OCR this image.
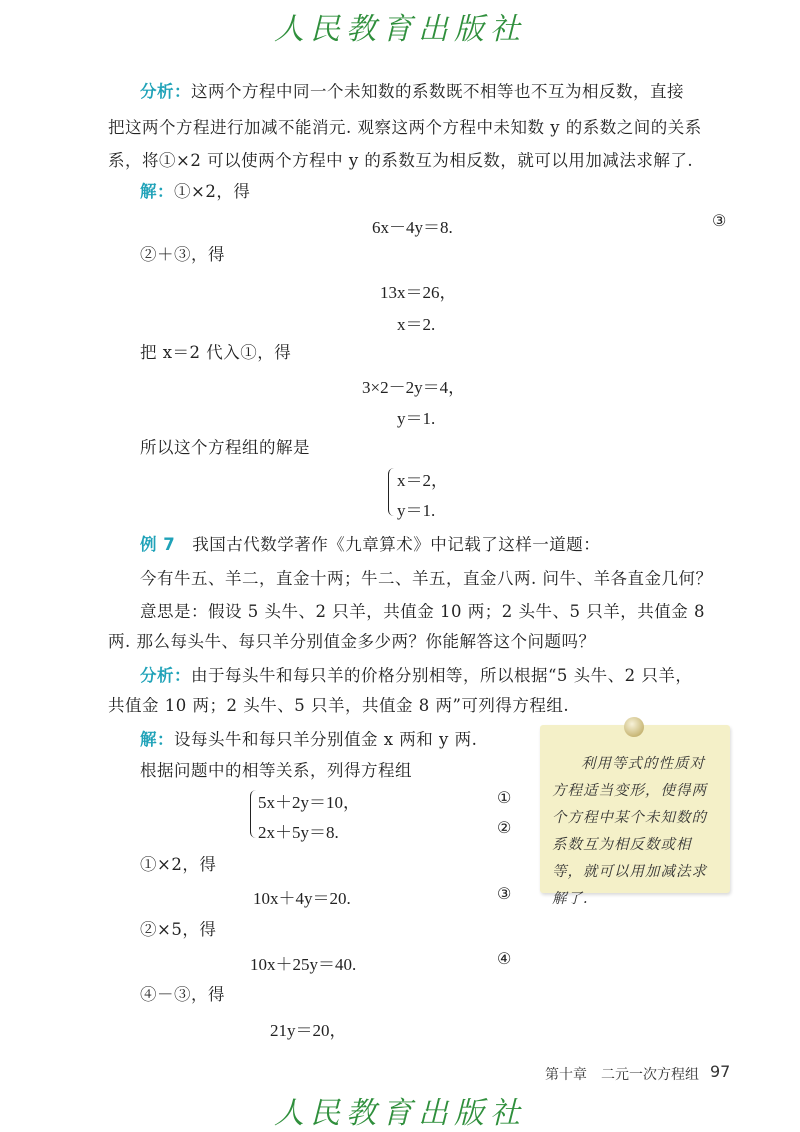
人民教育出版社
分析：这两个方程中同一个未知数的系数既不相等也不互为相反数，直接
把这两个方程进行加减不能消元. 观察这两个方程中未知数 y 的系数之间的关系
系，将①×2 可以使两个方程中 y 的系数互为相反数，就可以用加减法求解了.
解：①×2，得
6x－4y＝8.	③
②＋③，得
13x＝26，
x＝2.
把 x＝2 代入①，得
3×2－2y＝4，
y＝1.
所以这个方程组的解是
x＝2，
y＝1.
例 7　 我国古代数学著作《九章算术》中记载了这样一道题：
今有牛五、羊二，直金十两；牛二、羊五，直金八两. 问牛、羊各直金几何？
意思是：假设 5 头牛、2 只羊，共值金 10 两；2 头牛、5 只羊，共值金 8
两. 那么每头牛、每只羊分别值金多少两？你能解答这个问题吗？
分析：由于每头牛和每只羊的价格分别相等，所以根据“5 头牛、2 只羊，
共值金 10 两；2 头牛、5 只羊，共值金 8 两”可列得方程组.
解：设每头牛和每只羊分别值金 x 两和 y 两.
根据问题中的相等关系，列得方程组
5x＋2y＝10，	①
2x＋5y＝8.	②
①×2，得
10x＋4y＝20.	③
②×5，得
10x＋25y＝40.	④
④－③，得
21y＝20，
利用等式的性质对方程适当变形，使得两个方程中某个未知数的系数互为相反数或相等，就可以用加减法求解了.
第十章　二元一次方程组 97
人民教育出版社
